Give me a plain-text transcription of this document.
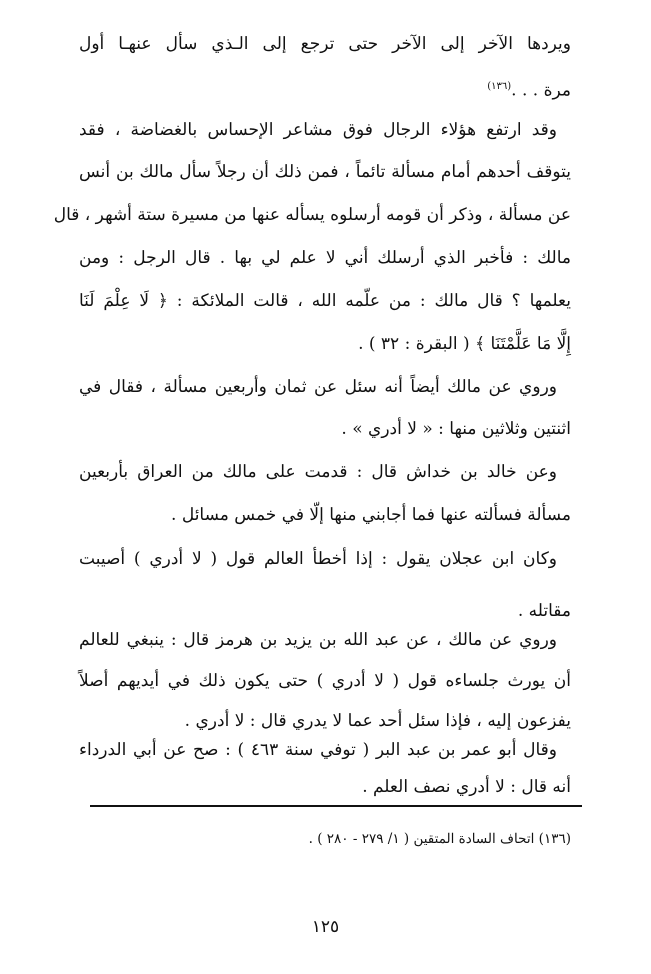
ويردها الآخر إلى الآخر حتى ترجع إلى الـذي سأل عنهـا أول

مرة . . .$^{(١٣٦)}$

وقد ارتفع هؤلاء الرجال فوق مشاعر الإحساس بالغضاضة ، فقد

يتوقف أحدهم أمام مسألة تائماً ، فمن ذلك أن رجلاً سأل مالك بن أنس

عن مسألة ، وذكر أن قومه أرسلوه يسأله عنها من مسيرة ستة أشهر ، قال

مالك : فأخبر الذي أرسلك أني لا علم لي بها . قال الرجل : ومن

يعلمها ؟ قال مالك : من علّمه الله ، قالت الملائكة : ﴿ لَا عِلْمَ لَنَا

إِلَّا مَا عَلَّمْتَنَا ﴾ ( البقرة : ٣٢ ) .

وروي عن مالك أيضاً أنه سئل عن ثمان وأربعين مسألة ، فقال في

اثنتين وثلاثين منها : « لا أدري » .

وعن خالد بن خداش قال : قدمت على مالك من العراق بأربعين

مسألة فسألته عنها فما أجابني منها إلّا في خمس مسائل .

وكان ابن عجلان يقول : إذا أخطأ العالم قول ( لا أدري ) أصيبت

مقاتله .

وروي عن مالك ، عن عبد الله بن يزيد بن هرمز قال : ينبغي للعالم

أن يورث جلساءه قول ( لا أدري ) حتى يكون ذلك في أيديهم أصلاً

يفزعون إليه ، فإذا سئل أحد عما لا يدري قال : لا أدري .

وقال أبو عمر بن عبد البر ( توفي سنة ٤٦٣ ) : صح عن أبي الدرداء

أنه قال : لا أدري نصف العلم .

(١٣٦) اتحاف السادة المتقين ( ١/ ٢٧٩ - ٢٨٠ ) .
١٢٥
